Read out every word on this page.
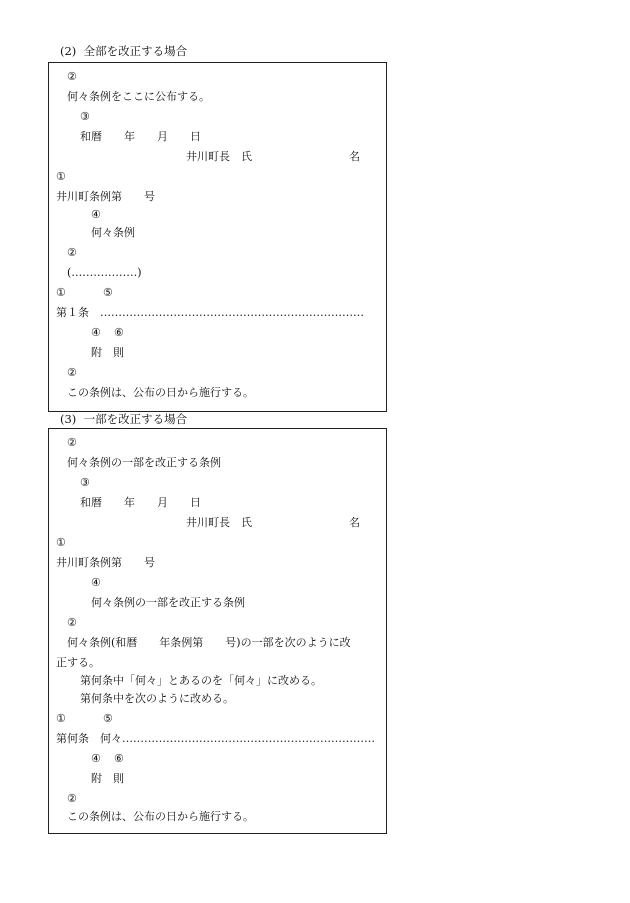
(2)  全部を改正する場合
②
何々条例をここに公布する。
③
和暦　　年　　月　　日
井川町長　氏	名
①
井川町条例第　　号
④
何々条例
②
(………………)
①	⑤
第１条　………………………………………………………………
④ ⑥
附　則
②
この条例は、公布の日から施行する。
(3)  一部を改正する場合
②
何々条例の一部を改正する条例
③
和暦　　年　　月　　日
井川町長　氏	名
①
井川町条例第　　号
④
何々条例の一部を改正する条例
②
何々条例(和暦　　年条例第　　号)の一部を次のように改
正する。
第何条中「何々」とあるのを「何々」に改める。
第何条中を次のように改める。
①	⑤
第何条　何々……………………………………………………………
④ ⑥
附　則
②
この条例は、公布の日から施行する。
